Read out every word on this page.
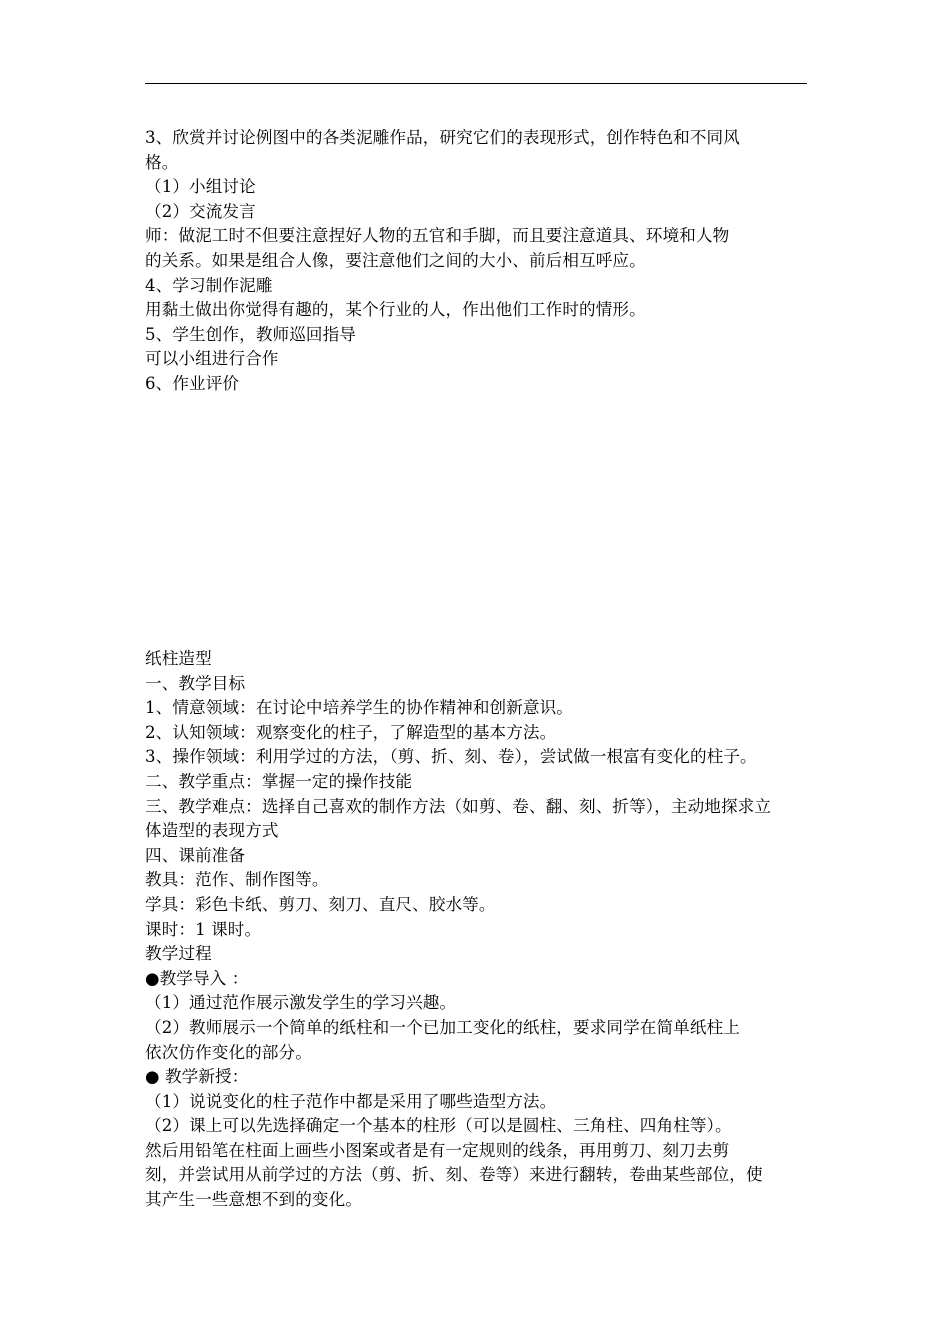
3、欣赏并讨论例图中的各类泥雕作品，研究它们的表现形式，创作特色和不同风

格。

（1）小组讨论

（2）交流发言

师：做泥工时不但要注意捏好人物的五官和手脚，而且要注意道具、环境和人物

的关系。如果是组合人像，要注意他们之间的大小、前后相互呼应。

4、学习制作泥雕

用黏土做出你觉得有趣的，某个行业的人，作出他们工作时的情形。

5、学生创作，教师巡回指导

可以小组进行合作

6、作业评价

纸柱造型

一、教学目标

1、情意领域：在讨论中培养学生的协作精神和创新意识。

2、认知领域：观察变化的柱子，了解造型的基本方法。

3、操作领域：利用学过的方法，（剪、折、刻、卷），尝试做一根富有变化的柱子。

二、教学重点：掌握一定的操作技能

三、教学难点：选择自己喜欢的制作方法（如剪、卷、翻、刻、折等），主动地探求立

体造型的表现方式

四、课前准备

教具：范作、制作图等。

学具：彩色卡纸、剪刀、刻刀、直尺、胶水等。

课时：1 课时。

教学过程

●教学导入 ：

（1）通过范作展示激发学生的学习兴趣。

（2）教师展示一个简单的纸柱和一个已加工变化的纸柱，要求同学在简单纸柱上

依次仿作变化的部分。

● 教学新授：

（1）说说变化的柱子范作中都是采用了哪些造型方法。

（2）课上可以先选择确定一个基本的柱形（可以是圆柱、三角柱、四角柱等）。

然后用铅笔在柱面上画些小图案或者是有一定规则的线条，再用剪刀、刻刀去剪

刻，并尝试用从前学过的方法（剪、折、刻、卷等）来进行翻转，卷曲某些部位，使

其产生一些意想不到的变化。
